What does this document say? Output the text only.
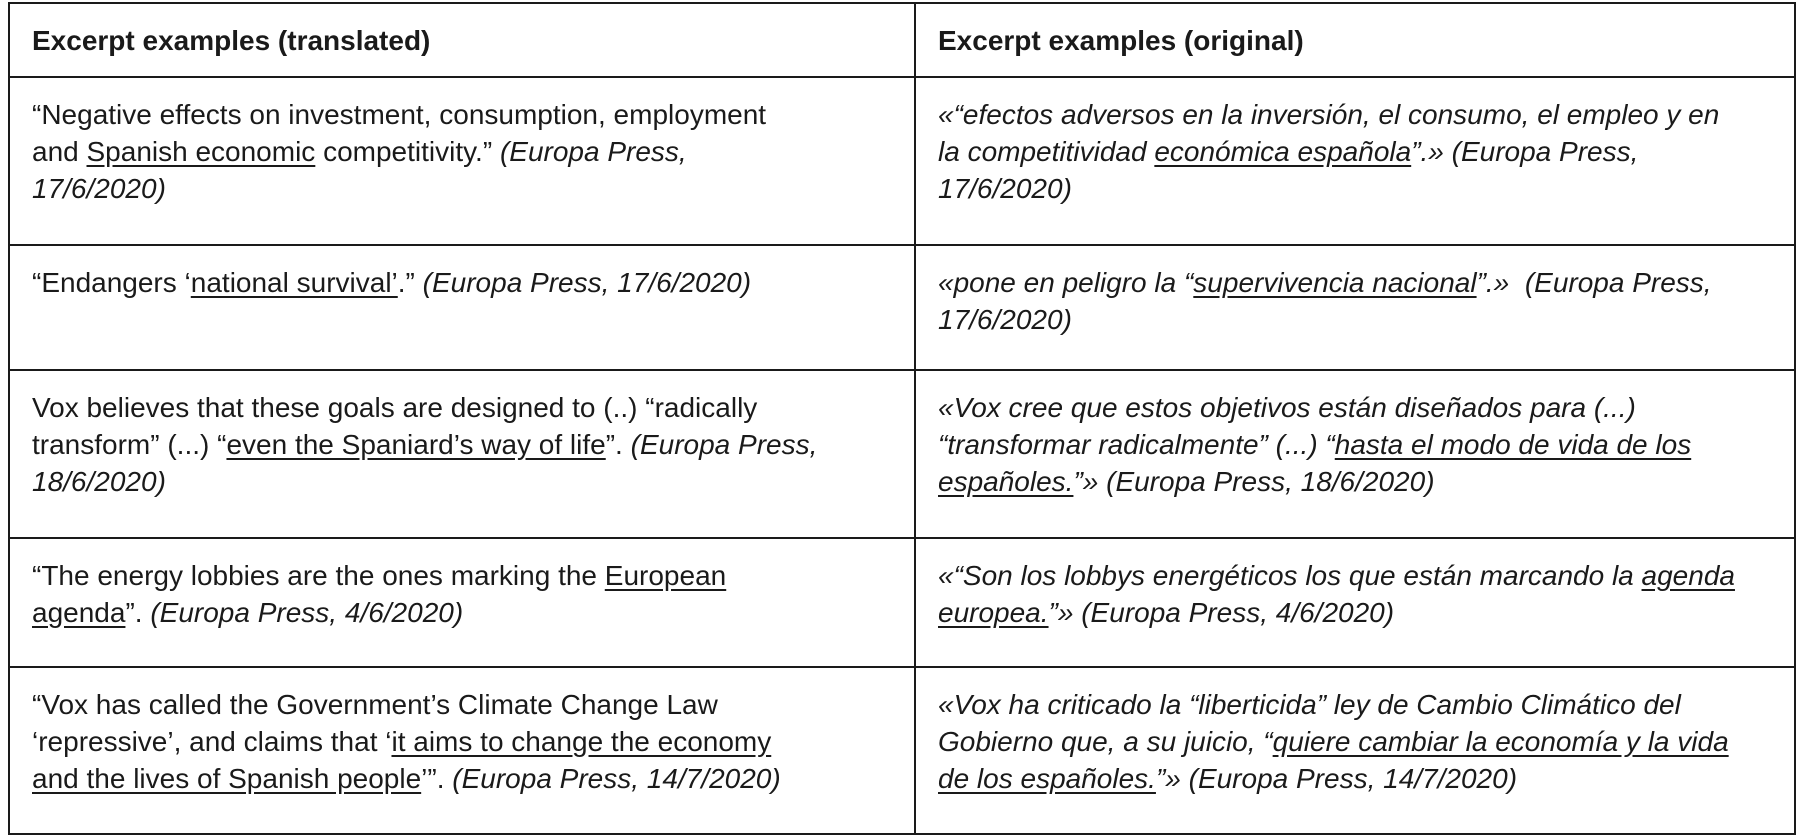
Excerpt examples (translated)	Excerpt examples (original)

“Negative effects on investment, consumption, employment
and Spanish economic competitivity.” (Europa Press,
17/6/2020)	«“efectos adversos en la inversión, el consumo, el empleo y en
la competitividad económica española”.» (Europa Press,
17/6/2020)

“Endangers ‘national survival’.” (Europa Press, 17/6/2020)	«pone en peligro la “supervivencia nacional”.»  (Europa Press,
17/6/2020)

Vox believes that these goals are designed to (..) “radically
transform” (...) “even the Spaniard’s way of life”. (Europa Press,
18/6/2020)	«Vox cree que estos objetivos están diseñados para (...)
“transformar radicalmente” (...) “hasta el modo de vida de los
españoles.”» (Europa Press, 18/6/2020)

“The energy lobbies are the ones marking the European
agenda”. (Europa Press, 4/6/2020)	«“Son los lobbys energéticos los que están marcando la agenda
europea.”» (Europa Press, 4/6/2020)

“Vox has called the Government’s Climate Change Law
‘repressive’, and claims that ‘it aims to change the economy
and the lives of Spanish people’”. (Europa Press, 14/7/2020)	«Vox ha criticado la “liberticida” ley de Cambio Climático del
Gobierno que, a su juicio, “quiere cambiar la economía y la vida
de los españoles.”» (Europa Press, 14/7/2020)
